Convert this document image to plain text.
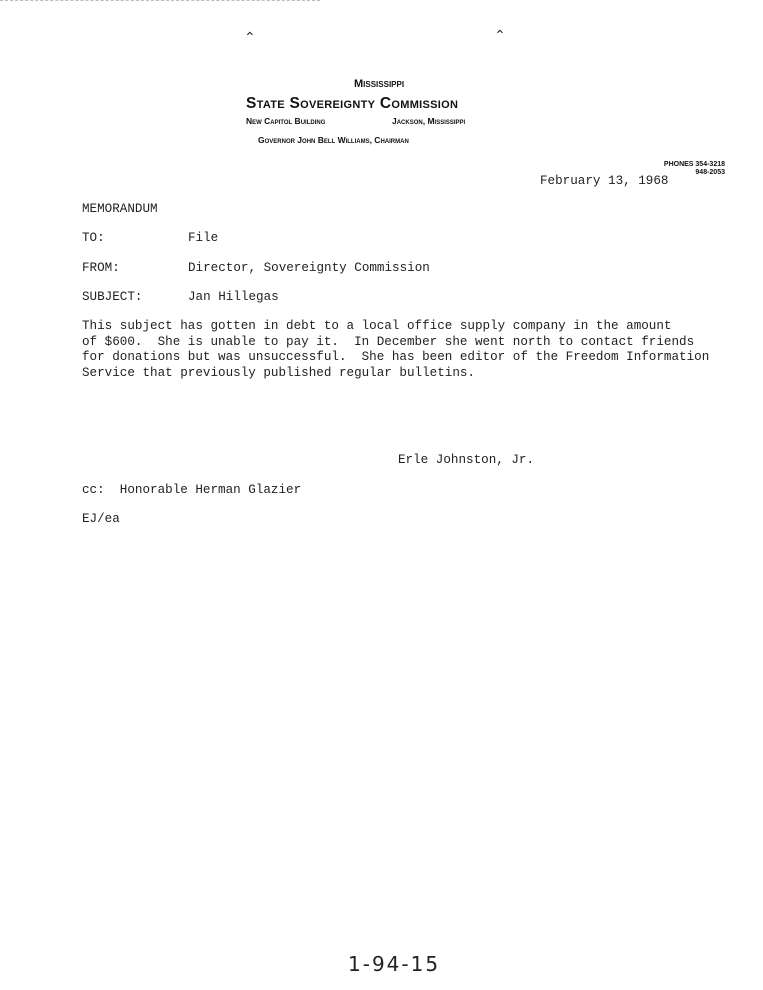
⌃	⌃
Mississippi
State Sovereignty Commission
New Capitol Building	Jackson, Mississippi
Governor John Bell Williams, Chairman
PHONES 354-3218
948-2053
February 13, 1968
MEMORANDUM
TO:	File
FROM:	Director, Sovereignty Commission
SUBJECT:	Jan Hillegas
This subject has gotten in debt to a local office supply company in the amount
of $600.  She is unable to pay it.  In December she went north to contact friends
for donations but was unsuccessful.  She has been editor of the Freedom Information
Service that previously published regular bulletins.
Erle Johnston, Jr.
cc:  Honorable Herman Glazier
EJ/ea
1-94-15
